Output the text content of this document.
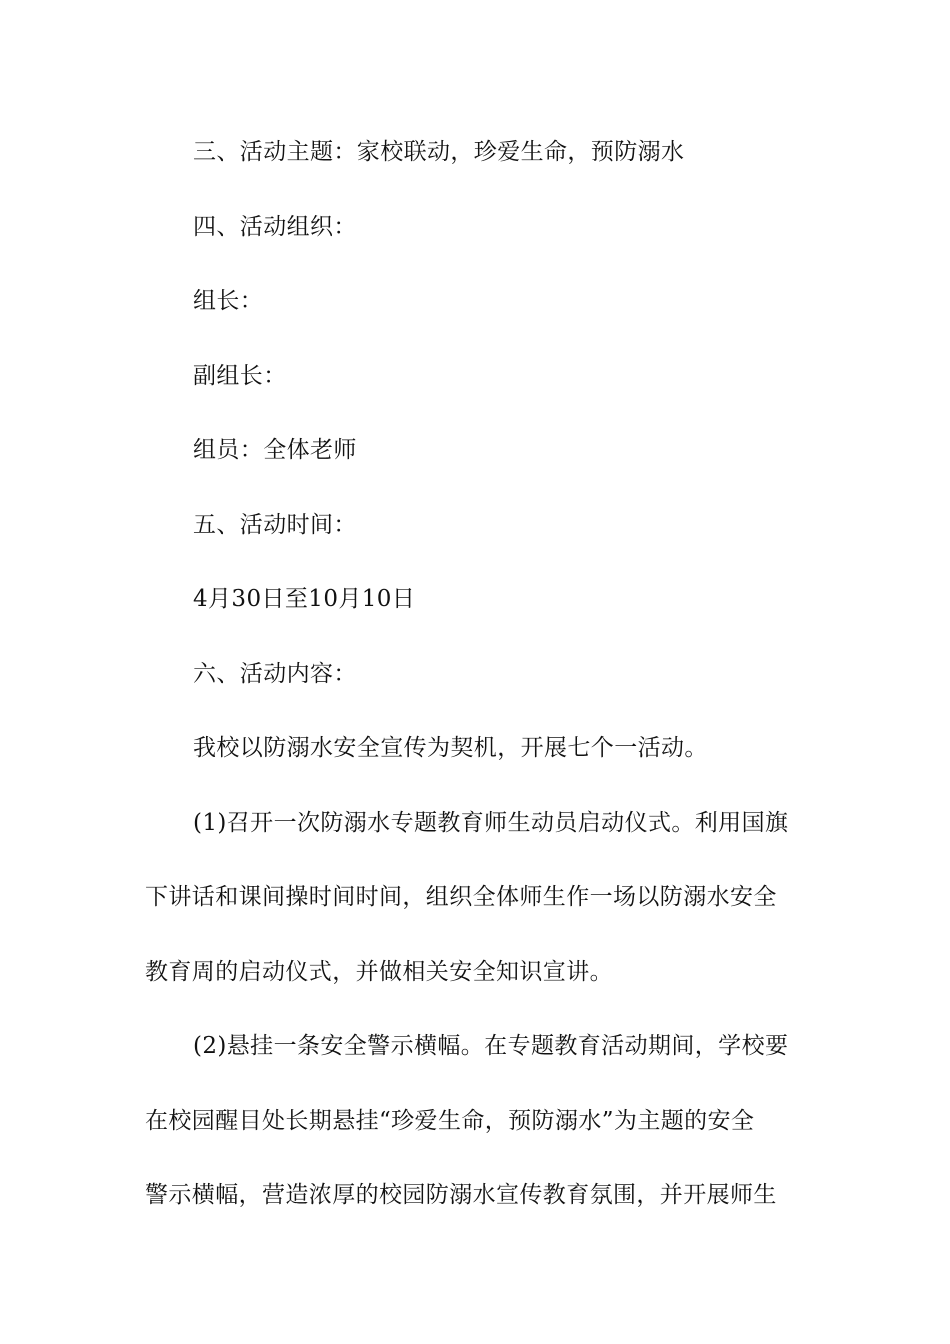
三、活动主题：家校联动，珍爱生命，预防溺水
四、活动组织：
组长：
副组长：
组员：全体老师
五、活动时间：
4月30日至10月10日
六、活动内容：
我校以防溺水安全宣传为契机，开展七个一活动。
(1)召开一次防溺水专题教育师生动员启动仪式。利用国旗
下讲话和课间操时间时间，组织全体师生作一场以防溺水安全
教育周的启动仪式，并做相关安全知识宣讲。
(2)悬挂一条安全警示横幅。在专题教育活动期间，学校要
在校园醒目处长期悬挂“珍爱生命，预防溺水”为主题的安全
警示横幅，营造浓厚的校园防溺水宣传教育氛围，并开展师生
